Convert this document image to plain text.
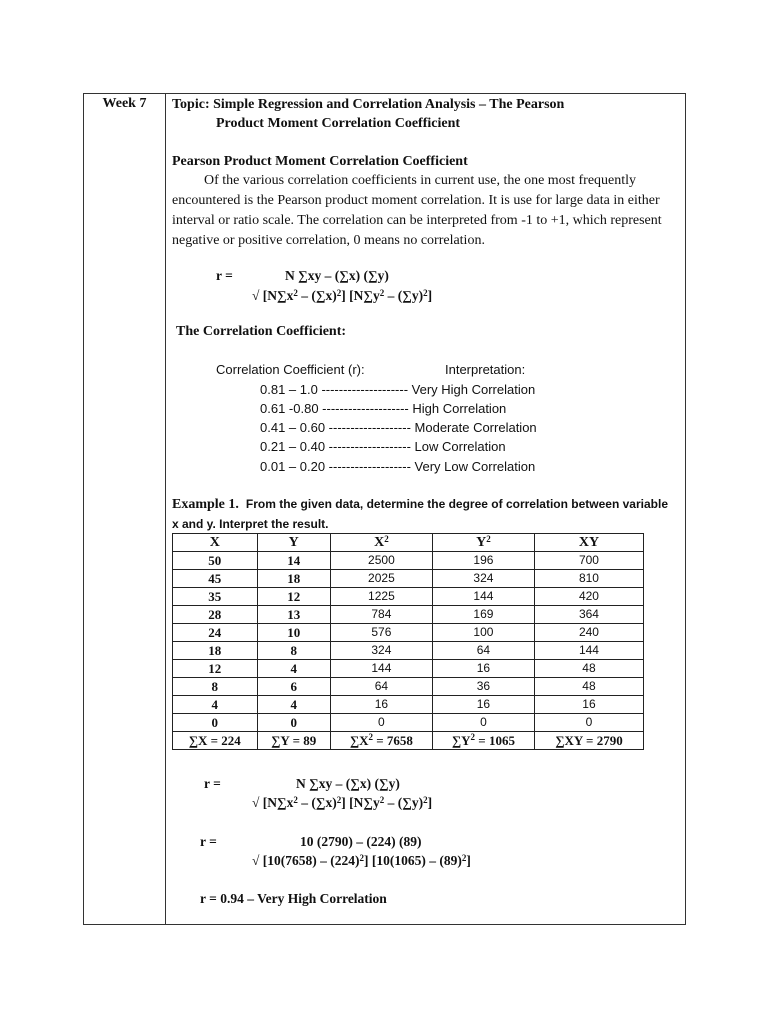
Week 7	Topic: Simple Regression and Correlation Analysis – The Pearson
Product Moment Correlation Coefficient
Pearson Product Moment Correlation Coefficient

Of the various correlation coefficients in current use, the one most frequently encountered is the Pearson product moment correlation. It is use for large data in either interval or ratio scale. The correlation can be interpreted from -1 to +1, which represent negative or positive correlation, 0 means no correlation.

r =	N ∑xy – (∑x) (∑y)
√ $[N\sum x^2 - (\sum x)^2]$ $[N\sum y^2 - (\sum y)^2]$
The Correlation Coefficient:
Correlation Coefficient (r):	Interpretation:
0.81 – 1.0 -------------------- Very High Correlation
0.61 -0.80 -------------------- High Correlation
0.41 – 0.60 ------------------- Moderate Correlation
0.21 – 0.40 ------------------- Low Correlation
0.01 – 0.20 ------------------- Very Low Correlation
Example 1. From the given data, determine the degree of correlation between variable
x and y. Interpret the result.
X	Y	$X^2$	$Y^2$	XY
50	14	2500	196	700
45	18	2025	324	810
35	12	1225	144	420
28	13	784	169	364
24	10	576	100	240
18	8	324	64	144
12	4	144	16	48
8	6	64	36	48
4	4	16	16	16
0	0	0	0	0
∑X = 224	∑Y = 89	$\sum X^2 = 7658$	$\sum Y^2 = 1065$	∑XY = 2790
r =	N ∑xy – (∑x) (∑y)
√ $[N\sum x^2 - (\sum x)^2]$ $[N\sum y^2 - (\sum y)^2]$
r =	10 (2790) – (224) (89)
√ $[10(7658) - (224)^2]$ $[10(1065) - (89)^2]$
r = 0.94 – Very High Correlation
